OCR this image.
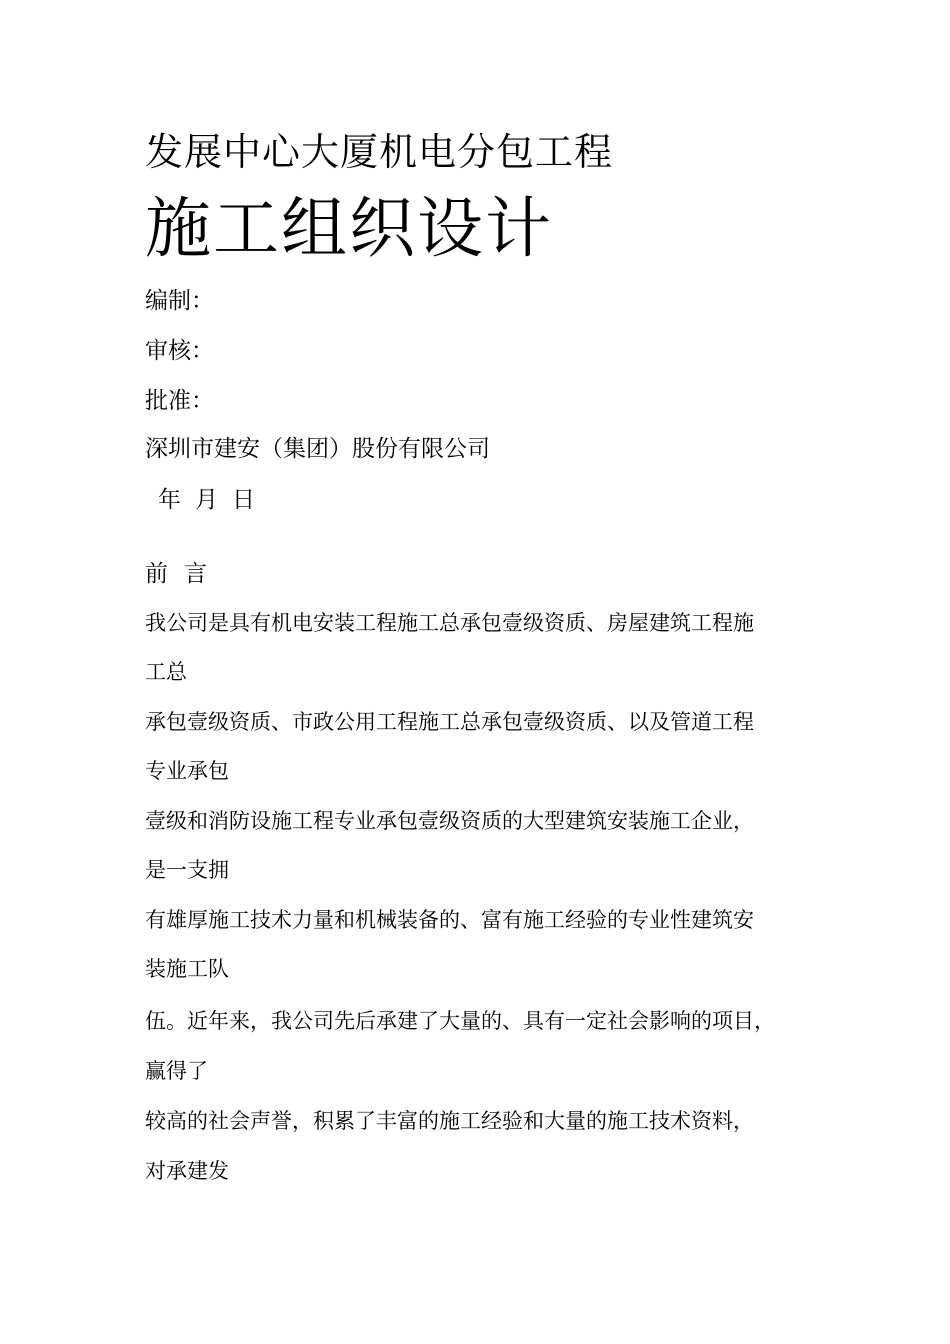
发展中心大厦机电分包工程
施工组织设计
编制：
审核：
批准：
深圳市建安（集团）股份有限公司
年 月 日
前 言
我公司是具有机电安装工程施工总承包壹级资质、房屋建筑工程施
工总
承包壹级资质、市政公用工程施工总承包壹级资质、以及管道工程
专业承包
壹级和消防设施工程专业承包壹级资质的大型建筑安装施工企业，
是一支拥
有雄厚施工技术力量和机械装备的、富有施工经验的专业性建筑安
装施工队
伍。近年来，我公司先后承建了大量的、具有一定社会影响的项目，
赢得了
较高的社会声誉，积累了丰富的施工经验和大量的施工技术资料，
对承建发
